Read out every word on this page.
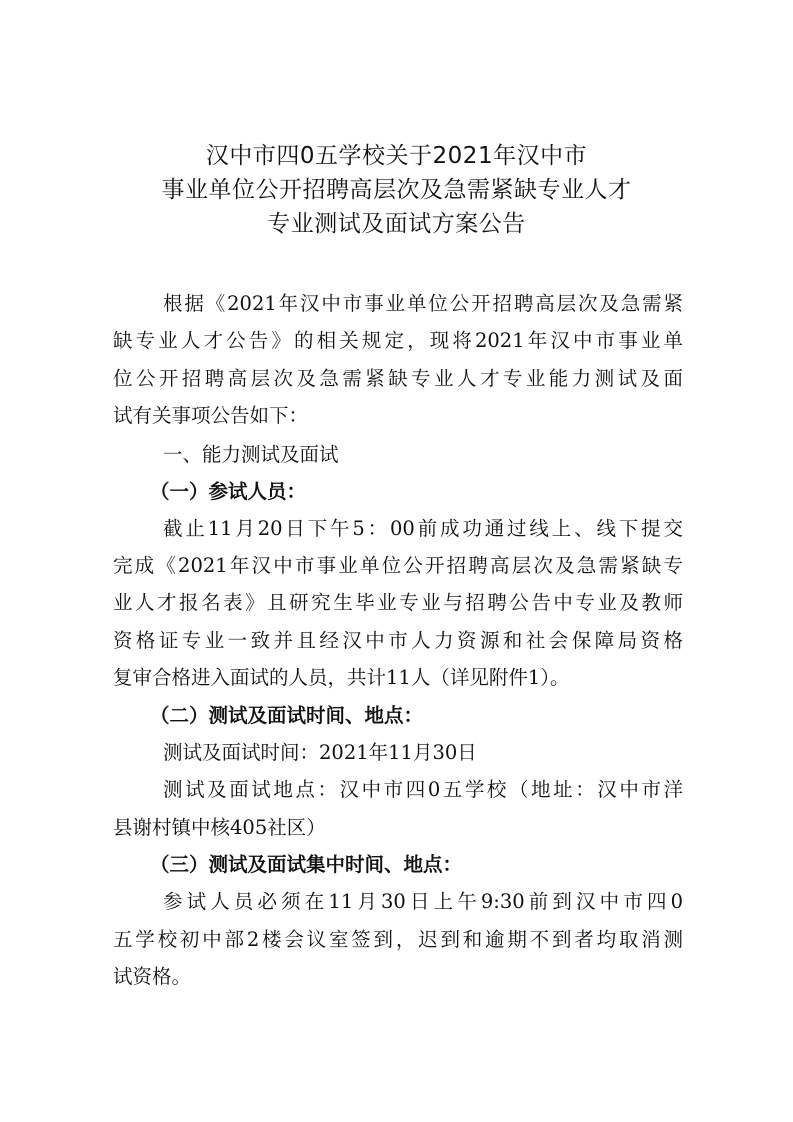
汉中市四0五学校关于2021年汉中市
事业单位公开招聘高层次及急需紧缺专业人才
专业测试及面试方案公告
根据《2021年汉中市事业单位公开招聘高层次及急需紧
缺专业人才公告》的相关规定，现将2021年汉中市事业单
位公开招聘高层次及急需紧缺专业人才专业能力测试及面
试有关事项公告如下：
一、能力测试及面试
（一）参试人员：
截止11月20日下午5：00前成功通过线上、线下提交
完成《2021年汉中市事业单位公开招聘高层次及急需紧缺专
业人才报名表》且研究生毕业专业与招聘公告中专业及教师
资格证专业一致并且经汉中市人力资源和社会保障局资格
复审合格进入面试的人员，共计11人（详见附件1）。
（二）测试及面试时间、地点：
测试及面试时间：2021年11月30日
测试及面试地点：汉中市四0五学校（地址：汉中市洋
县谢村镇中核405社区）
（三）测试及面试集中时间、地点：
参试人员必须在11月30日上午9:30前到汉中市四0
五学校初中部2楼会议室签到，迟到和逾期不到者均取消测
试资格。
